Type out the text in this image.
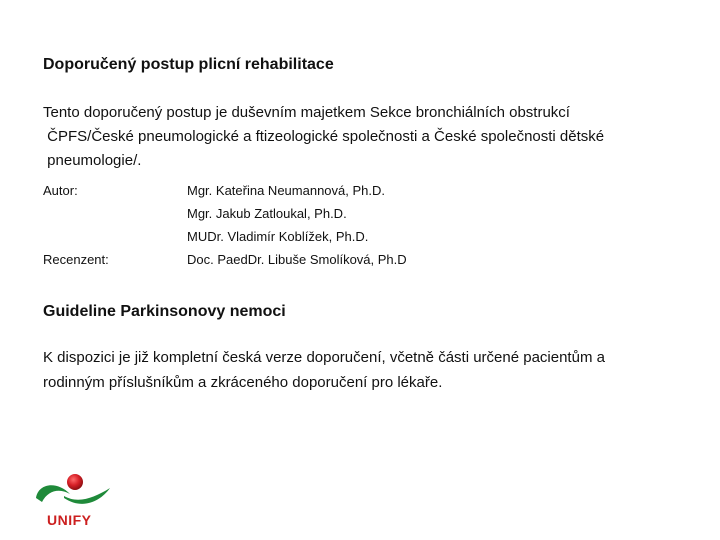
Doporučený postup plicní rehabilitace
Tento doporučený postup je duševním majetkem Sekce bronchiálních obstrukcí
ČPFS/České pneumologické a ftizeologické společnosti a České společnosti dětské
pneumologie/.
Autor:	Mgr. Kateřina Neumannová, Ph.D.
Mgr. Jakub Zatloukal, Ph.D.
MUDr. Vladimír Koblížek, Ph.D.
Recenzent:	Doc. PaedDr. Libuše Smolíková, Ph.D
Guideline Parkinsonovy nemoci
K dispozici je již kompletní česká verze doporučení, včetně části určené pacientům a
rodinným příslušníkům a zkráceného doporučení pro lékaře.
UNIFY
